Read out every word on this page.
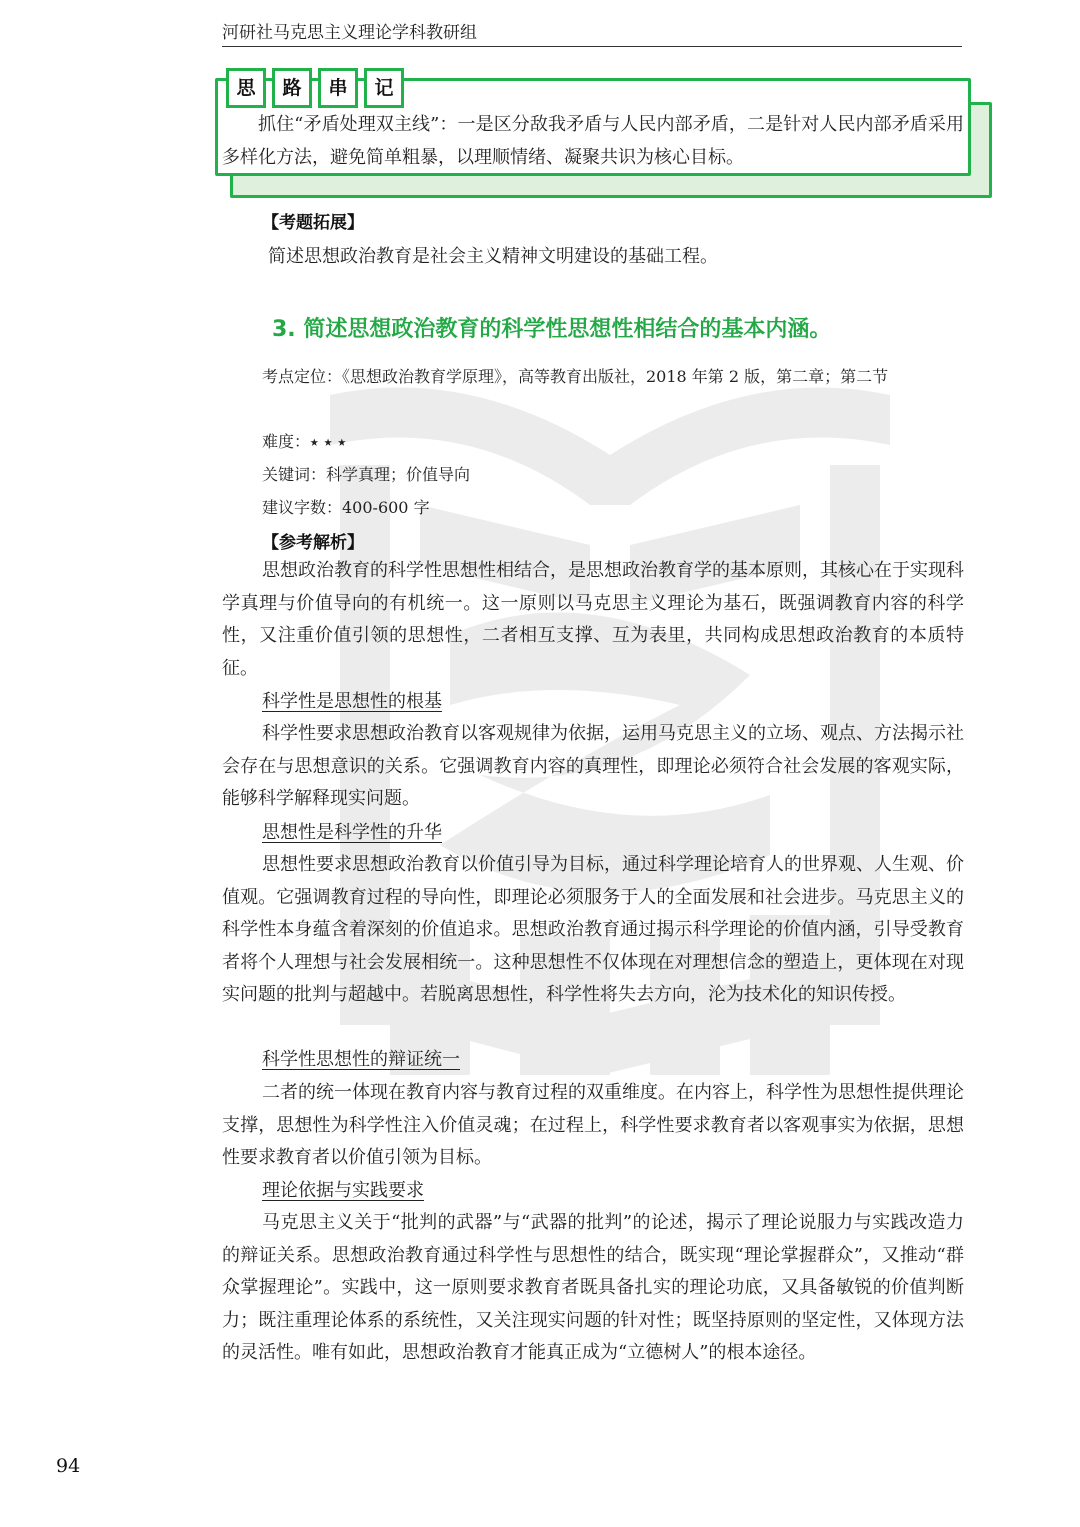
河研社马克思主义理论学科教研组
思	路	串	记
抓住“矛盾处理双主线”：一是区分敌我矛盾与人民内部矛盾，二是针对人民内部矛盾采用多样化方法，避免简单粗暴，以理顺情绪、凝聚共识为核心目标。
【考题拓展】
简述思想政治教育是社会主义精神文明建设的基础工程。
3. 简述思想政治教育的科学性思想性相结合的基本内涵。
考点定位：《思想政治教育学原理》，高等教育出版社，2018 年第 2 版，第二章；第二节
难度：⭑ ⭑ ⭑
关键词：科学真理；价值导向
建议字数：400-600 字
【参考解析】

思想政治教育的科学性思想性相结合，是思想政治教育学的基本原则，其核心在于实现科学真理与价值导向的有机统一。这一原则以马克思主义理论为基石，既强调教育内容的科学性，又注重价值引领的思想性，二者相互支撑、互为表里，共同构成思想政治教育的本质特征。

科学性是思想性的根基

科学性要求思想政治教育以客观规律为依据，运用马克思主义的立场、观点、方法揭示社会存在与思想意识的关系。它强调教育内容的真理性，即理论必须符合社会发展的客观实际，能够科学解释现实问题。

思想性是科学性的升华

思想性要求思想政治教育以价值引导为目标，通过科学理论培育人的世界观、人生观、价值观。它强调教育过程的导向性，即理论必须服务于人的全面发展和社会进步。马克思主义的科学性本身蕴含着深刻的价值追求。思想政治教育通过揭示科学理论的价值内涵，引导受教育者将个人理想与社会发展相统一。这种思想性不仅体现在对理想信念的塑造上，更体现在对现实问题的批判与超越中。若脱离思想性，科学性将失去方向，沦为技术化的知识传授。

科学性思想性的辩证统一

二者的统一体现在教育内容与教育过程的双重维度。在内容上，科学性为思想性提供理论支撑，思想性为科学性注入价值灵魂；在过程上，科学性要求教育者以客观事实为依据，思想性要求教育者以价值引领为目标。

理论依据与实践要求

马克思主义关于“批判的武器”与“武器的批判”的论述，揭示了理论说服力与实践改造力的辩证关系。思想政治教育通过科学性与思想性的结合，既实现“理论掌握群众”，又推动“群众掌握理论”。实践中，这一原则要求教育者既具备扎实的理论功底，又具备敏锐的价值判断力；既注重理论体系的系统性，又关注现实问题的针对性；既坚持原则的坚定性，又体现方法的灵活性。唯有如此，思想政治教育才能真正成为“立德树人”的根本途径。

94
